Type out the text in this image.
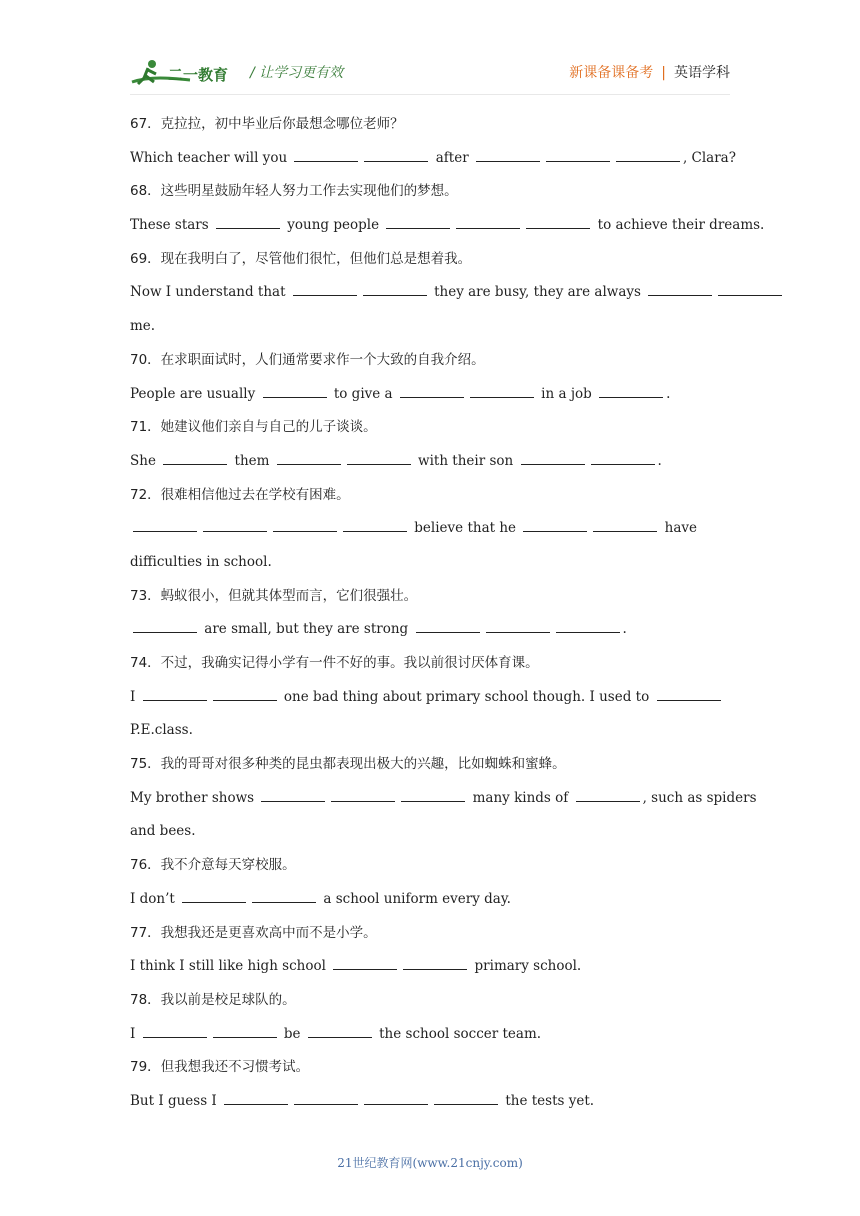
二一教育 / 让学习更有效	新课备课备考 | 英语学科
67．克拉拉，初中毕业后你最想念哪位老师？
Which teacher will you	after	, Clara?
68．这些明星鼓励年轻人努力工作去实现他们的梦想。
These stars	young people	to achieve their dreams.
69．现在我明白了，尽管他们很忙，但他们总是想着我。
Now I understand that	they are busy, they are always
me.
70．在求职面试时，人们通常要求作一个大致的自我介绍。
People are usually	to give a	in a job	.
71．她建议他们亲自与自己的儿子谈谈。
She	them	with their son	.
72．很难相信他过去在学校有困难。
believe that he	have
difficulties in school.
73．蚂蚁很小，但就其体型而言，它们很强壮。
are small, but they are strong	.
74．不过，我确实记得小学有一件不好的事。我以前很讨厌体育课。
I	one bad thing about primary school though. I used to
P.E.class.
75．我的哥哥对很多种类的昆虫都表现出极大的兴趣，比如蜘蛛和蜜蜂。
My brother shows	many kinds of	, such as spiders
and bees.
76．我不介意每天穿校服。
I don’t	a school uniform every day.
77．我想我还是更喜欢高中而不是小学。
I think I still like high school	primary school.
78．我以前是校足球队的。
I	be	the school soccer team.
79．但我想我还不习惯考试。
But I guess I	the tests yet.
21世纪教育网(www.21cnjy.com)
